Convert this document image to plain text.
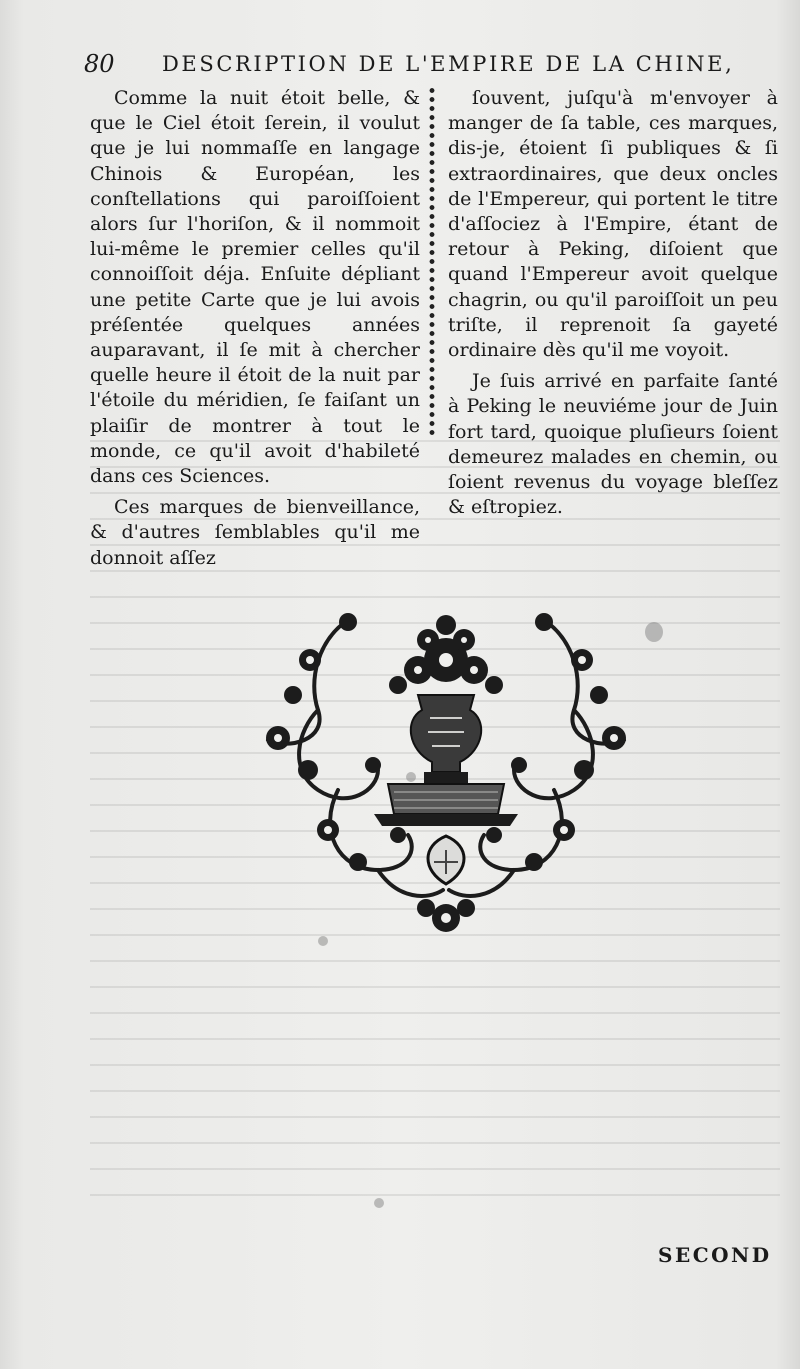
80 DESCRIPTION DE L'EMPIRE DE LA CHINE,

Comme la nuit étoit belle, & que le Ciel étoit ſerein, il voulut que je lui nommaſſe en langage Chinois & Européan, les conſtellations qui paroiſſoient alors ſur l'horiſon, & il nommoit lui-même le premier celles qu'il connoiſſoit déja. Enſuite dépliant une petite Carte que je lui avois préſentée quelques années auparavant, il ſe mit à chercher quelle heure il étoit de la nuit par l'étoile du méridien, ſe faiſant un plaiſir de montrer à tout le monde, ce qu'il avoit d'habileté dans ces Sciences.

Ces marques de bienveillance, & d'autres ſemblables qu'il me donnoit aſſez

ſouvent, juſqu'à m'envoyer à manger de ſa table, ces marques, dis-je, étoient ſi publiques & ſi extraordinaires, que deux oncles de l'Empereur, qui portent le titre d'aſſociez à l'Empire, étant de retour à Peking, diſoient que quand l'Empereur avoit quelque chagrin, ou qu'il paroiſſoit un peu triſte, il reprenoit ſa gayeté ordinaire dès qu'il me voyoit.

Je ſuis arrivé en parfaite ſanté à Peking le neuviéme jour de Juin fort tard, quoique pluſieurs ſoient demeurez malades en chemin, ou ſoient revenus du voyage bleſſez & eſtropiez.

SECOND
